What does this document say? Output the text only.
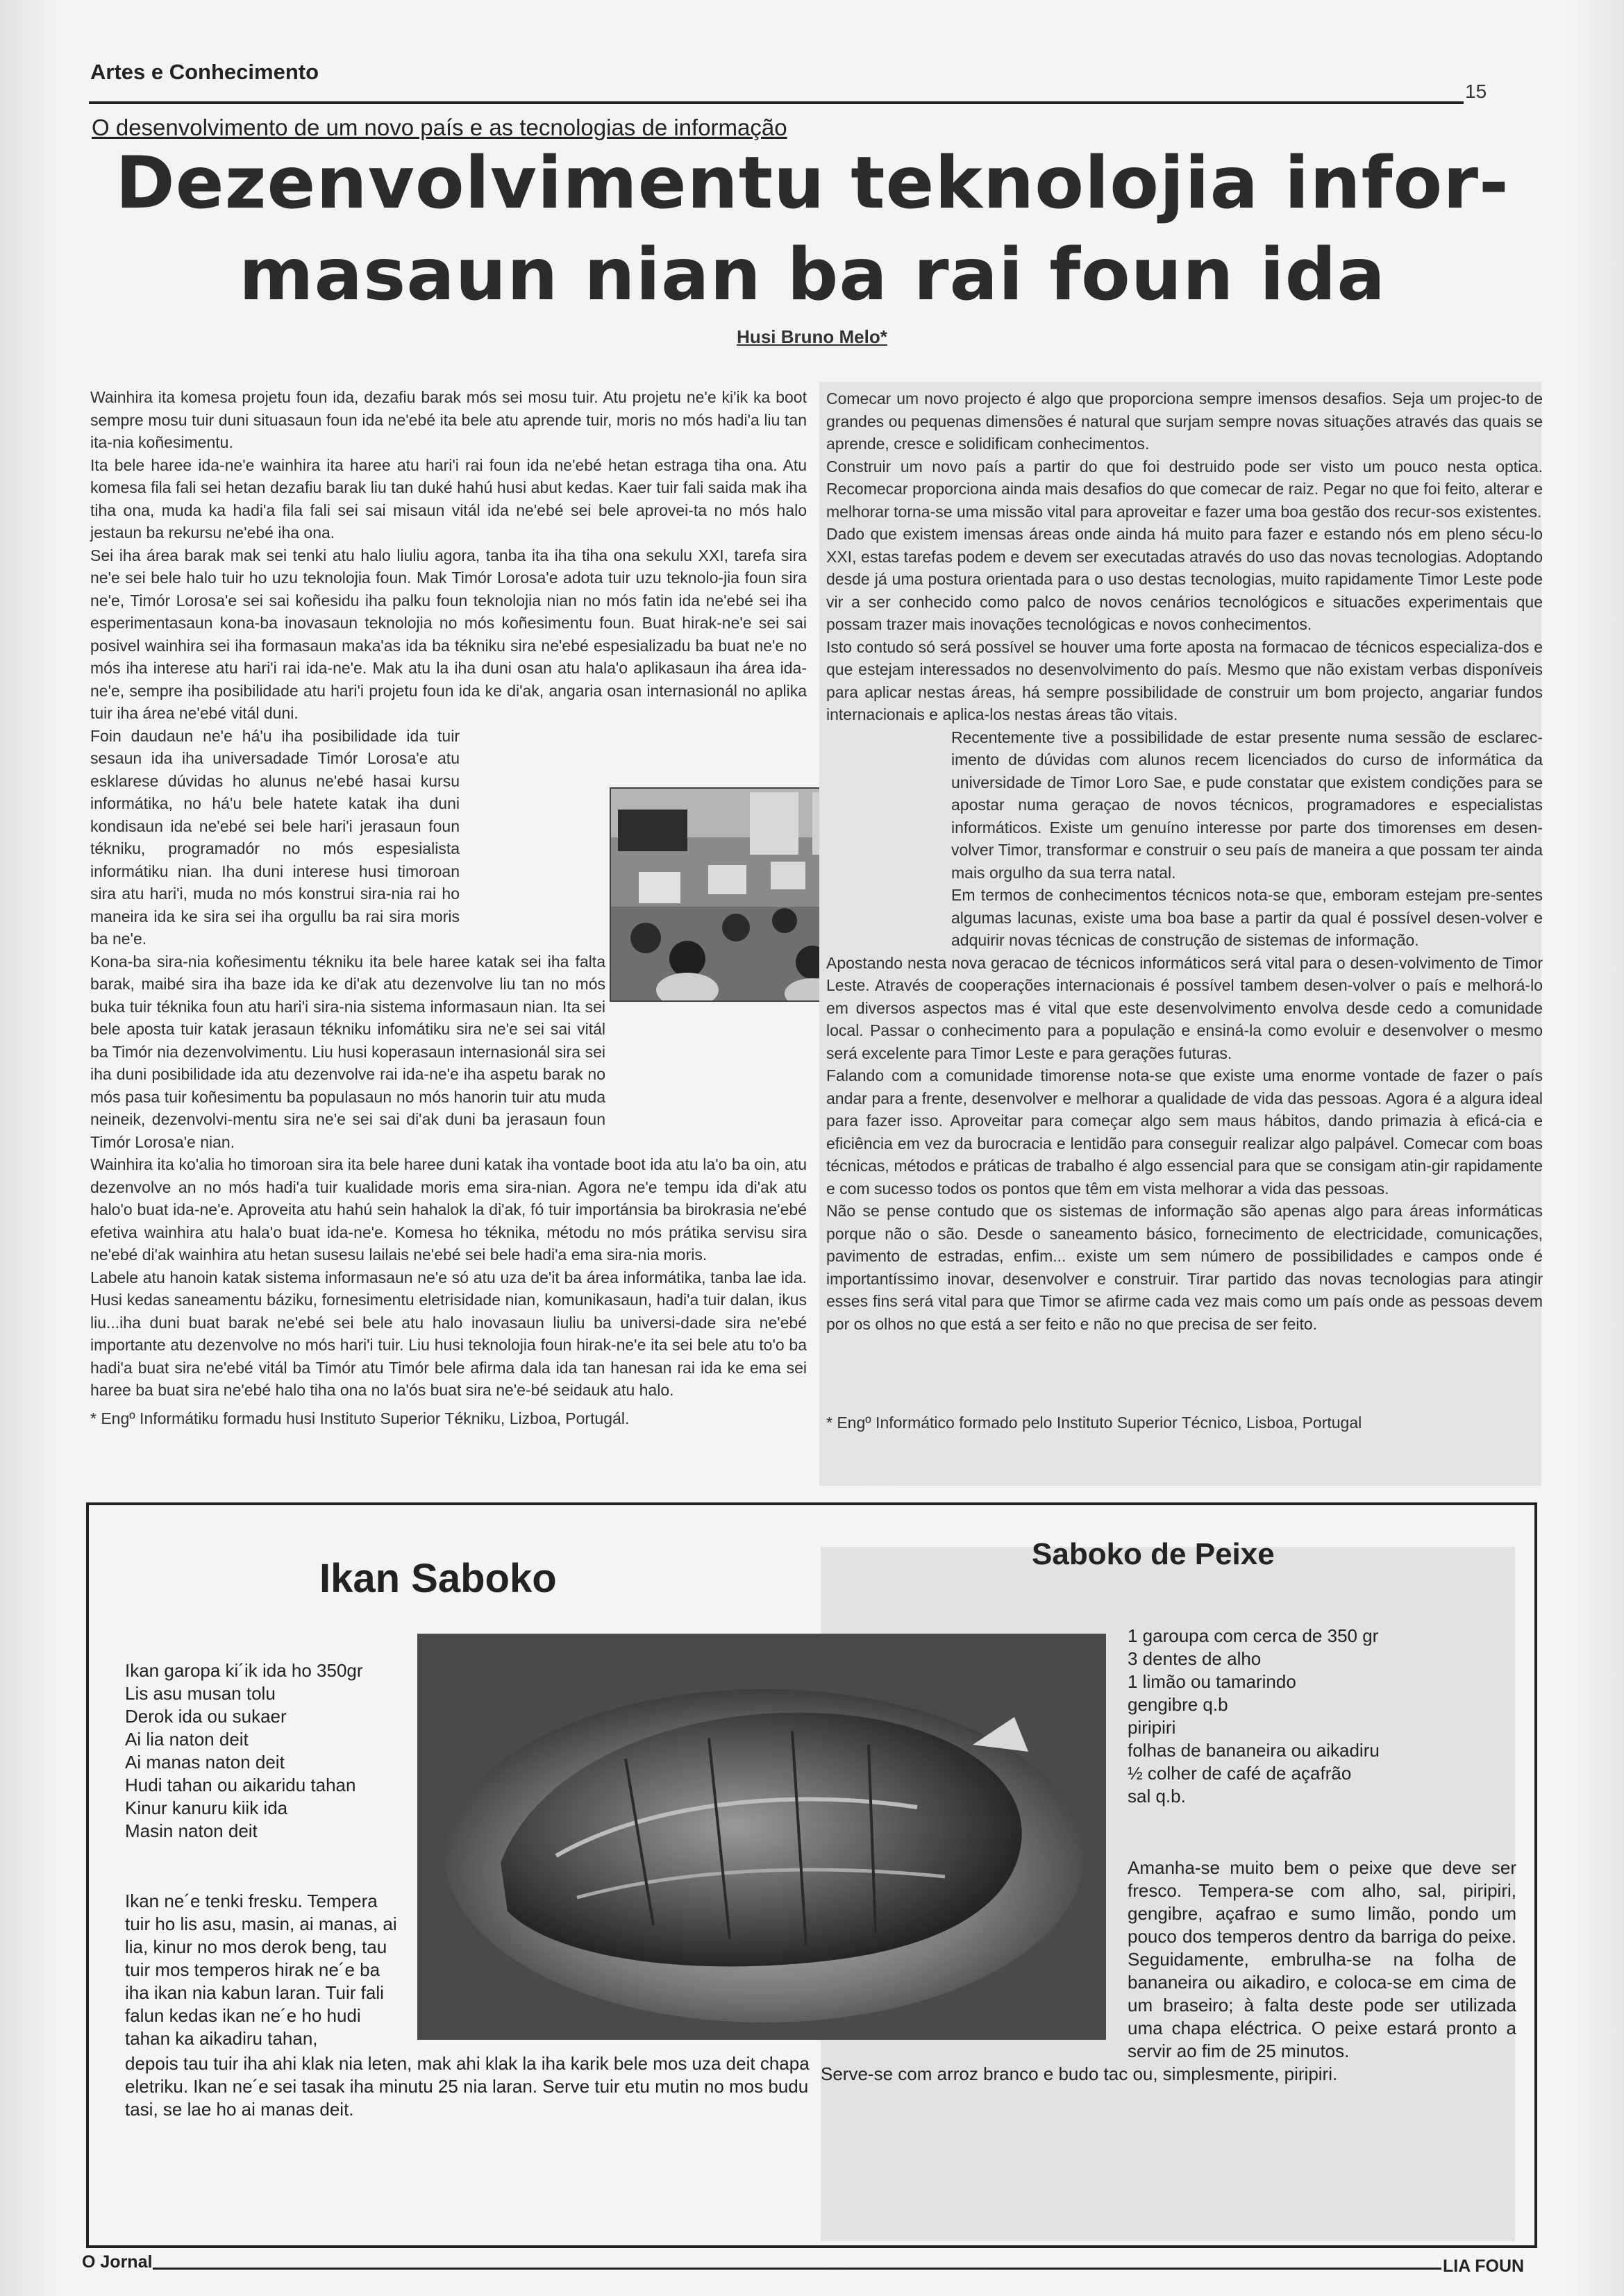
Artes e Conhecimento
15
O desenvolvimento de um novo país e as tecnologias de informação
Dezenvolvimentu teknolojia infor-
masaun nian ba rai foun ida
Husi Bruno Melo*

Wainhira ita komesa projetu foun ida, dezafiu barak mós sei mosu tuir. Atu projetu ne'e ki'ik ka boot sempre mosu tuir duni situasaun foun ida ne'ebé ita bele atu aprende tuir, moris no mós hadi'a liu tan ita-nia koñesimentu.

Ita bele haree ida-ne'e wainhira ita haree atu hari'i rai foun ida ne'ebé hetan estraga tiha ona. Atu komesa fila fali sei hetan dezafiu barak liu tan duké hahú husi abut kedas. Kaer tuir fali saida mak iha tiha ona, muda ka hadi'a fila fali sei sai misaun vitál ida ne'ebé sei bele aprovei-ta no mós halo jestaun ba rekursu ne'ebé iha ona.

Sei iha área barak mak sei tenki atu halo liuliu agora, tanba ita iha tiha ona sekulu XXI, tarefa sira ne'e sei bele halo tuir ho uzu teknolojia foun. Mak Timór Lorosa'e adota tuir uzu teknolo-jia foun sira ne'e, Timór Lorosa'e sei sai koñesidu iha palku foun teknolojia nian no mós fatin ida ne'ebé sei iha esperimentasaun kona-ba inovasaun teknolojia no mós koñesimentu foun. Buat hirak-ne'e sei sai posivel wainhira sei iha formasaun maka'as ida ba tékniku sira ne'ebé espesializadu ba buat ne'e no mós iha interese atu hari'i rai ida-ne'e. Mak atu la iha duni osan atu hala'o aplikasaun iha área ida-ne'e, sempre iha posibilidade atu hari'i projetu foun ida ke di'ak, angaria osan internasionál no aplika tuir iha área ne'ebé vitál duni.

Foin daudaun ne'e há'u iha posibilidade ida tuir sesaun ida iha universadade Timór Lorosa'e atu esklarese dúvidas ho alunus ne'ebé hasai kursu informátika, no há'u bele hatete katak iha duni kondisaun ida ne'ebé sei bele hari'i jerasaun foun tékniku, programadór no mós espesialista informátiku nian. Iha duni interese husi timoroan sira atu hari'i, muda no mós konstrui sira-nia rai ho maneira ida ke sira sei iha orgullu ba rai sira moris ba ne'e.

Kona-ba sira-nia koñesimentu tékniku ita bele haree katak sei iha falta barak, maibé sira iha baze ida ke di'ak atu dezenvolve liu tan no mós buka tuir téknika foun atu hari'i sira-nia sistema informasaun nian. Ita sei bele aposta tuir katak jerasaun tékniku infomátiku sira ne'e sei sai vitál ba Timór nia dezenvolvimentu. Liu husi koperasaun internasionál sira sei iha duni posibilidade ida atu dezenvolve rai ida-ne'e iha aspetu barak no mós pasa tuir koñesimentu ba populasaun no mós hanorin tuir atu muda neineik, dezenvolvi-mentu sira ne'e sei sai di'ak duni ba jerasaun foun Timór Lorosa'e nian.

Wainhira ita ko'alia ho timoroan sira ita bele haree duni katak iha vontade boot ida atu la'o ba oin, atu dezenvolve an no mós hadi'a tuir kualidade moris ema sira-nian. Agora ne'e tempu ida di'ak atu halo'o buat ida-ne'e. Aproveita atu hahú sein hahalok la di'ak, fó tuir importánsia ba birokrasia ne'ebé efetiva wainhira atu hala'o buat ida-ne'e. Komesa ho téknika, métodu no mós prátika servisu sira ne'ebé di'ak wainhira atu hetan susesu lailais ne'ebé sei bele hadi'a ema sira-nia moris.

Labele atu hanoin katak sistema informasaun ne'e só atu uza de'it ba área informátika, tanba lae ida. Husi kedas saneamentu báziku, fornesimentu eletrisidade nian, komunikasaun, hadi'a tuir dalan, ikus liu...iha duni buat barak ne'ebé sei bele atu halo inovasaun liuliu ba universi-dade sira ne'ebé importante atu dezenvolve no mós hari'i tuir. Liu husi teknolojia foun hirak-ne'e ita sei bele atu to'o ba hadi'a buat sira ne'ebé vitál ba Timór atu Timór bele afirma dala ida tan hanesan rai ida ke ema sei haree ba buat sira ne'ebé halo tiha ona no la'ós buat sira ne'e-bé seidauk atu halo.

* Engº Informátiku formadu husi Instituto Superior Tékniku, Lizboa, Portugál.

Comecar um novo projecto é algo que proporciona sempre imensos desafios. Seja um projec-to de grandes ou pequenas dimensões é natural que surjam sempre novas situações através das quais se aprende, cresce e solidificam conhecimentos.

Construir um novo país a partir do que foi destruido pode ser visto um pouco nesta optica. Recomecar proporciona ainda mais desafios do que comecar de raiz. Pegar no que foi feito, alterar e melhorar torna-se uma missão vital para aproveitar e fazer uma boa gestão dos recur-sos existentes.

Dado que existem imensas áreas onde ainda há muito para fazer e estando nós em pleno sécu-lo XXI, estas tarefas podem e devem ser executadas através do uso das novas tecnologias. Adoptando desde já uma postura orientada para o uso destas tecnologias, muito rapidamente Timor Leste pode vir a ser conhecido como palco de novos cenários tecnológicos e situacões experimentais que possam trazer mais inovações tecnológicas e novos conhecimentos.

Isto contudo só será possível se houver uma forte aposta na formacao de técnicos especializa-dos e que estejam interessados no desenvolvimento do país. Mesmo que não existam verbas disponíveis para aplicar nestas áreas, há sempre possibilidade de construir um bom projecto, angariar fundos internacionais e aplica-los nestas áreas tão vitais.

Recentemente tive a possibilidade de estar presente numa sessão de esclarec-imento de dúvidas com alunos recem licenciados do curso de informática da universidade de Timor Loro Sae, e pude constatar que existem condições para se apostar numa geraçao de novos técnicos, programadores e especialistas informáticos. Existe um genuíno interesse por parte dos timorenses em desen-volver Timor, transformar e construir o seu país de maneira a que possam ter ainda mais orgulho da sua terra natal.

Em termos de conhecimentos técnicos nota-se que, emboram estejam pre-sentes algumas lacunas, existe uma boa base a partir da qual é possível desen-volver e adquirir novas técnicas de construção de sistemas de informação.

Apostando nesta nova geracao de técnicos informáticos será vital para o desen-volvimento de Timor Leste. Através de cooperações internacionais é possível tambem desen-volver o país e melhorá-lo em diversos aspectos mas é vital que este desenvolvimento envolva desde cedo a comunidade local. Passar o conhecimento para a população e ensiná-la como evoluir e desenvolver o mesmo será excelente para Timor Leste e para gerações futuras.

Falando com a comunidade timorense nota-se que existe uma enorme vontade de fazer o país andar para a frente, desenvolver e melhorar a qualidade de vida das pessoas. Agora é a algura ideal para fazer isso. Aproveitar para começar algo sem maus hábitos, dando primazia à eficá-cia e eficiência em vez da burocracia e lentidão para conseguir realizar algo palpável. Comecar com boas técnicas, métodos e práticas de trabalho é algo essencial para que se consigam atin-gir rapidamente e com sucesso todos os pontos que têm em vista melhorar a vida das pessoas.

Não se pense contudo que os sistemas de informação são apenas algo para áreas informáticas porque não o são. Desde o saneamento básico, fornecimento de electricidade, comunicações, pavimento de estradas, enfim... existe um sem número de possibilidades e campos onde é importantíssimo inovar, desenvolver e construir. Tirar partido das novas tecnologias para atingir esses fins será vital para que Timor se afirme cada vez mais como um país onde as pessoas devem por os olhos no que está a ser feito e não no que precisa de ser feito.

* Engº Informático formado pelo Instituto Superior Técnico, Lisboa, Portugal
Ikan Saboko
Saboko de Peixe
Ikan garopa ki´ik ida ho 350gr
Lis asu musan tolu
Derok ida ou sukaer
Ai lia naton deit
Ai manas naton deit
Hudi tahan ou aikaridu tahan
Kinur kanuru kiik ida
Masin naton deit
1 garoupa com cerca de 350 gr
3 dentes de alho
1 limão ou tamarindo
gengibre q.b
piripiri
folhas de bananeira ou aikadiru
½ colher de café de açafrão
sal q.b.
Ikan ne´e tenki fresku. Tempera tuir ho lis asu, masin, ai manas, ai lia, kinur no mos derok beng, tau tuir mos temperos hirak ne´e ba iha ikan nia kabun laran. Tuir fali falun kedas ikan ne´e ho hudi tahan ka aikadiru tahan,
depois tau tuir iha ahi klak nia leten, mak ahi klak la iha karik bele mos uza deit chapa eletriku. Ikan ne´e sei tasak iha minutu 25 nia laran. Serve tuir etu mutin no mos budu tasi, se lae ho ai manas deit.
Amanha-se muito bem o peixe que deve ser fresco. Tempera-se com alho, sal, piripiri, gengibre, açafrao e sumo limão, pondo um pouco dos temperos dentro da barriga do peixe. Seguidamente, embrulha-se na folha de bananeira ou aikadiro, e coloca-se em cima de um braseiro; à falta deste pode ser utilizada uma chapa eléctrica. O peixe estará pronto a servir ao fim de 25 minutos.
Serve-se com arroz branco e budo tac ou, simplesmente, piripiri.
O Jornal	LIA FOUN
